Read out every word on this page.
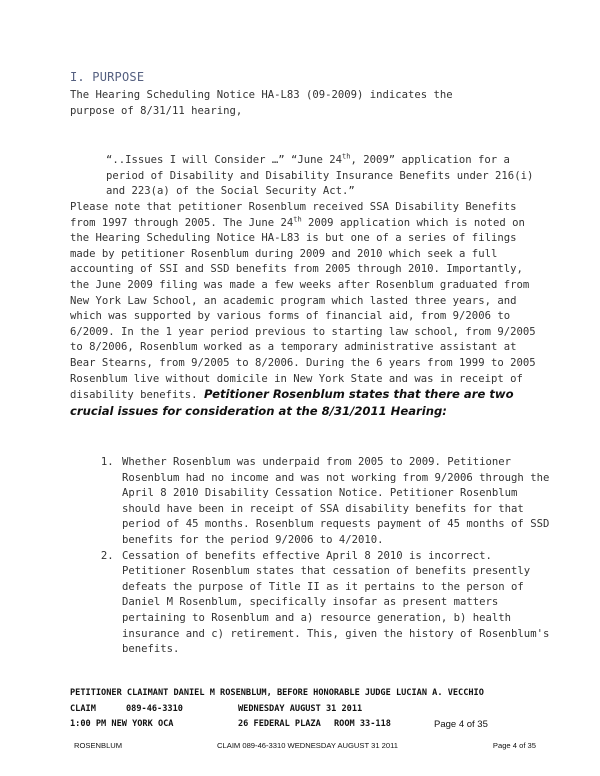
I. PURPOSE
The Hearing Scheduling Notice HA-L83 (09-2009) indicates the
purpose of 8/31/11 hearing,
“..Issues I will Consider …” “June 24th, 2009” application for a period of Disability and Disability Insurance Benefits under 216(i) and 223(a) of the Social Security Act.”
Please note that petitioner Rosenblum received SSA Disability Benefits from 1997 through 2005. The June 24th 2009 application which is noted on the Hearing Scheduling Notice HA-L83 is but one of a series of filings made by petitioner Rosenblum during 2009 and 2010 which seek a full accounting of SSI and SSD benefits from 2005 through 2010. Importantly, the June 2009 filing was made a few weeks after Rosenblum graduated from New York Law School, an academic program which lasted three years, and which was supported by various forms of financial aid, from 9/2006 to 6/2009. In the 1 year period previous to starting law school, from 9/2005 to 8/2006, Rosenblum worked as a temporary administrative assistant at Bear Stearns, from 9/2005 to 8/2006. During the 6 years from 1999 to 2005 Rosenblum live without domicile in New York State and was in receipt of disability benefits. Petitioner Rosenblum states that there are two crucial issues for consideration at the 8/31/2011 Hearing:
1. Whether Rosenblum was underpaid from 2005 to 2009. Petitioner Rosenblum had no income and was not working from 9/2006 through the April 8 2010 Disability Cessation Notice. Petitioner Rosenblum should have been in receipt of SSA disability benefits for that period of 45 months. Rosenblum requests payment of 45 months of SSD benefits for the period 9/2006 to 4/2010.
2. Cessation of benefits effective April 8 2010 is incorrect. Petitioner Rosenblum states that cessation of benefits presently defeats the purpose of Title II as it pertains to the person of Daniel M Rosenblum, specifically insofar as present matters pertaining to Rosenblum and a) resource generation, b) health insurance and c) retirement. This, given the history of Rosenblum's benefits.
PETITIONER CLAIMANT DANIEL M ROSENBLUM, BEFORE HONORABLE JUDGE LUCIAN A. VECCHIO
CLAIM	089-46-3310	WEDNESDAY AUGUST 31 2011
1:00 PM NEW YORK OCA	26 FEDERAL PLAZA	ROOM 33-118	Page 4 of 35
ROSENBLUM	CLAIM 089-46-3310 WEDNESDAY AUGUST 31 2011	Page 4 of 35
